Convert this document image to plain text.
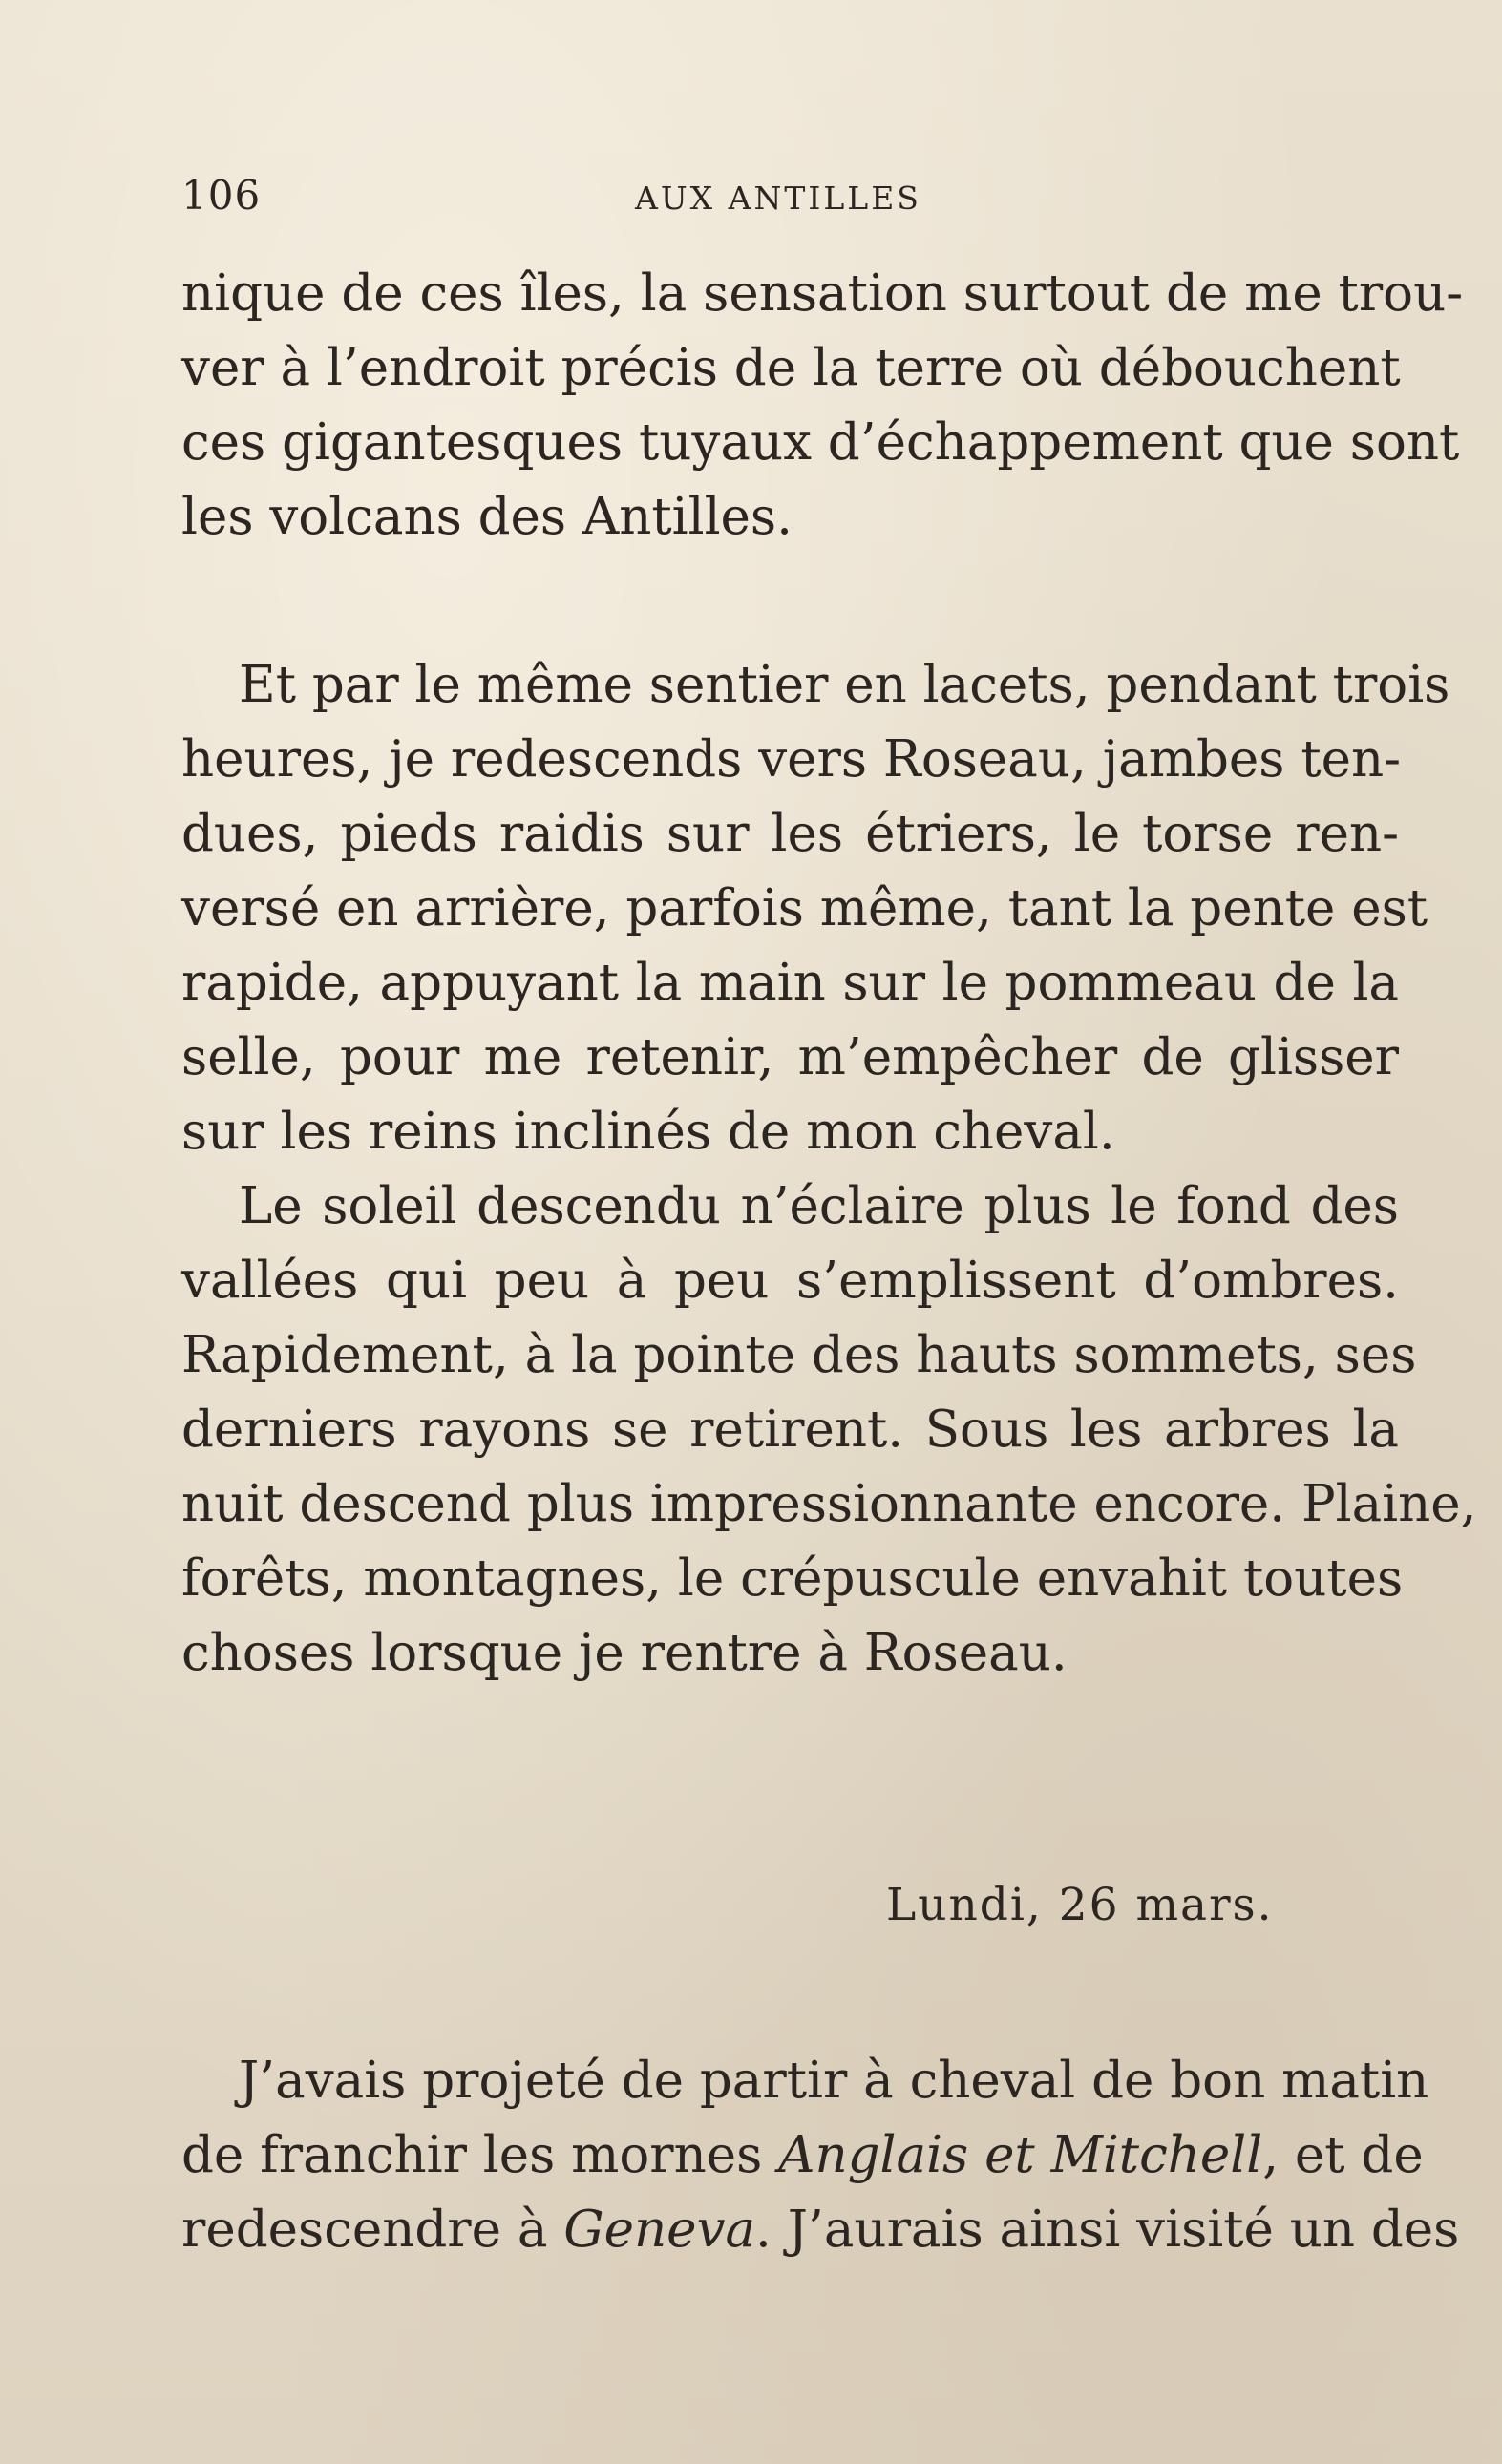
106	AUX ANTILLES
nique de ces îles, la sensation surtout de me trou-
ver à l’endroit précis de la terre où débouchent
ces gigantesques tuyaux d’échappement que sont
les volcans des Antilles.
Et par le même sentier en lacets, pendant trois
heures, je redescends vers Roseau, jambes ten-
dues, pieds raidis sur les étriers, le torse ren-
versé en arrière, parfois même, tant la pente est
rapide, appuyant la main sur le pommeau de la
selle, pour me retenir, m’empêcher de glisser
sur les reins inclinés de mon cheval.
Le soleil descendu n’éclaire plus le fond des
vallées qui peu à peu s’emplissent d’ombres.
Rapidement, à la pointe des hauts sommets, ses
derniers rayons se retirent. Sous les arbres la
nuit descend plus impressionnante encore. Plaine,
forêts, montagnes, le crépuscule envahit toutes
choses lorsque je rentre à Roseau.
Lundi, 26 mars.
J’avais projeté de partir à cheval de bon matin
de franchir les mornes Anglais et Mitchell, et de
redescendre à Geneva. J’aurais ainsi visité un des
